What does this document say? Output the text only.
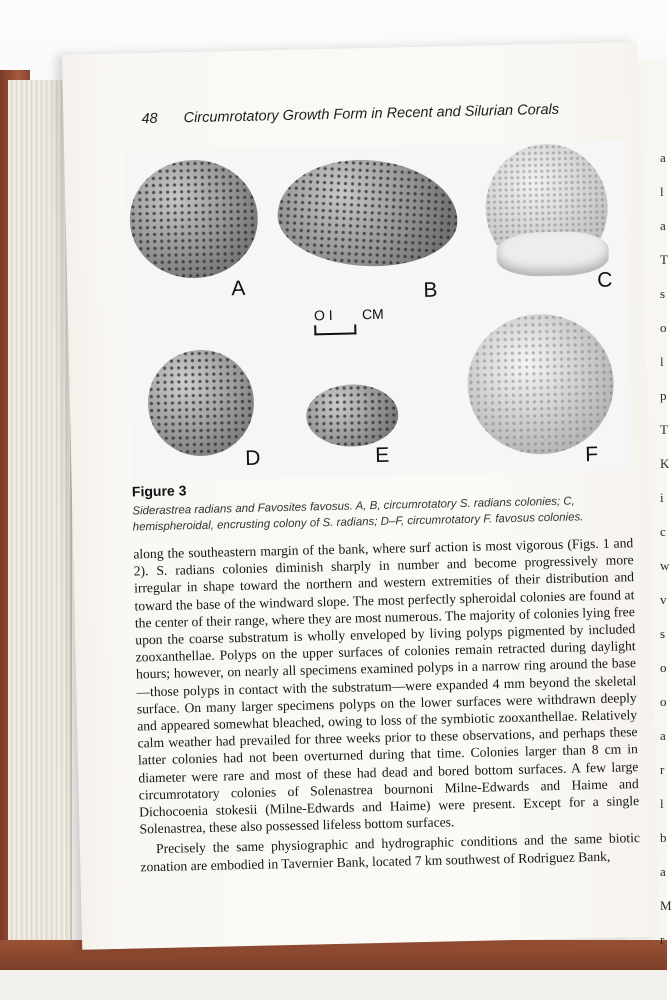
a
l
a
T
s
o
l
p
T
K
i
c
w
v
s
o
o
a
r
l
b
a
M
r
48 Circumrotatory Growth Form in Recent and Silurian Corals
A	B	C
D	E	F
O I CM
Figure 3
Siderastrea radians and Favosites favosus. A, B, circumrotatory S. radians colonies; C, hemispheroidal, encrusting colony of S. radians; D–F, circumrotatory F. favosus colonies.

along the southeastern margin of the bank, where surf action is most vigorous (Figs. 1 and 2). S. radians colonies diminish sharply in number and become progressively more irregular in shape toward the northern and western extremities of their distribution and toward the base of the windward slope. The most perfectly spheroidal colonies are found at the center of their range, where they are most numerous. The majority of colonies lying free upon the coarse substratum is wholly enveloped by living polyps pigmented by included zooxanthellae. Polyps on the upper surfaces of colonies remain retracted during daylight hours; however, on nearly all specimens examined polyps in a narrow ring around the base—those polyps in contact with the substratum—were expanded 4 mm beyond the skeletal surface. On many larger specimens polyps on the lower surfaces were withdrawn deeply and appeared somewhat bleached, owing to loss of the symbiotic zooxanthellae. Relatively calm weather had prevailed for three weeks prior to these observations, and perhaps these latter colonies had not been overturned during that time. Colonies larger than 8 cm in diameter were rare and most of these had dead and bored bottom surfaces. A few large circumrotatory colonies of Solenastrea bournoni Milne-Edwards and Haime and Dichocoenia stokesii (Milne-Edwards and Haime) were present. Except for a single Solenastrea, these also possessed lifeless bottom surfaces.

Precisely the same physiographic and hydrographic conditions and the same biotic zonation are embodied in Tavernier Bank, located 7 km southwest of Rodriguez Bank,
